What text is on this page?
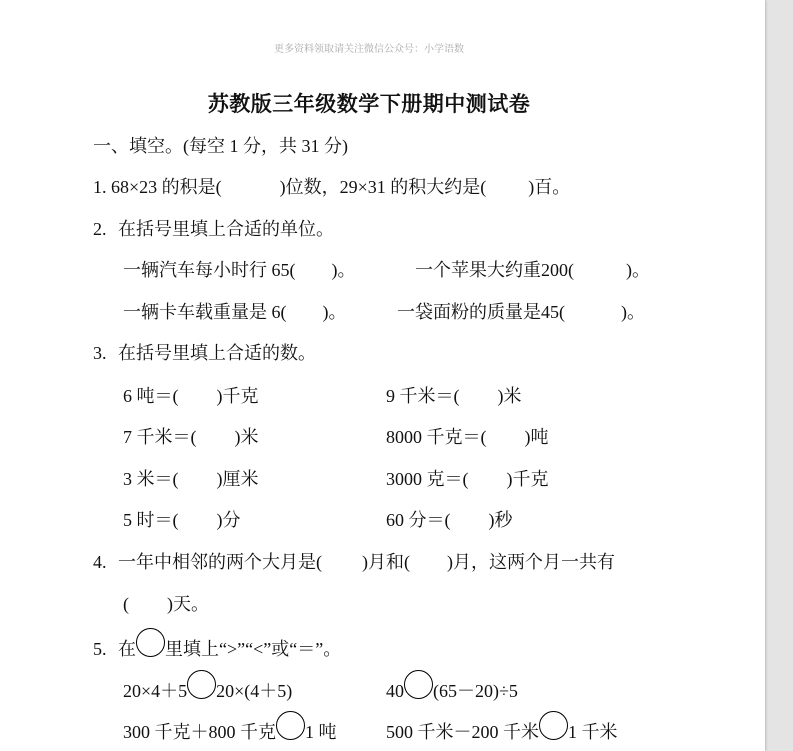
更多资料领取请关注微信公众号：小学语数
苏教版三年级数学下册期中测试卷
一、填空。(每空 1 分，共 31 分)
1. 68×23 的积是(	)位数，29×31 的积大约是( )百。
2. 在括号里填上合适的单位。
一辆汽车每小时行 65( )。	一个苹果大约重200(	)。
一辆卡车载重量是 6( )。	一袋面粉的质量是45(	)。
3. 在括号里填上合适的数。
6 吨＝( )千克	9 千米＝( )米
7 千米＝( )米	8000 千克＝( )吨
3 米＝( )厘米	3000 克＝( )千克
5 时＝( )分	60 分＝( )秒
4. 一年中相邻的两个大月是( )月和( )月，这两个月一共有
( )天。
5. 在 里填上“>”“<”或“＝”。
20×4＋5 20×(4＋5)	40 (65－20)÷5
300 千克＋800 千克 1 吨	500 千米－200 千米 1 千米
